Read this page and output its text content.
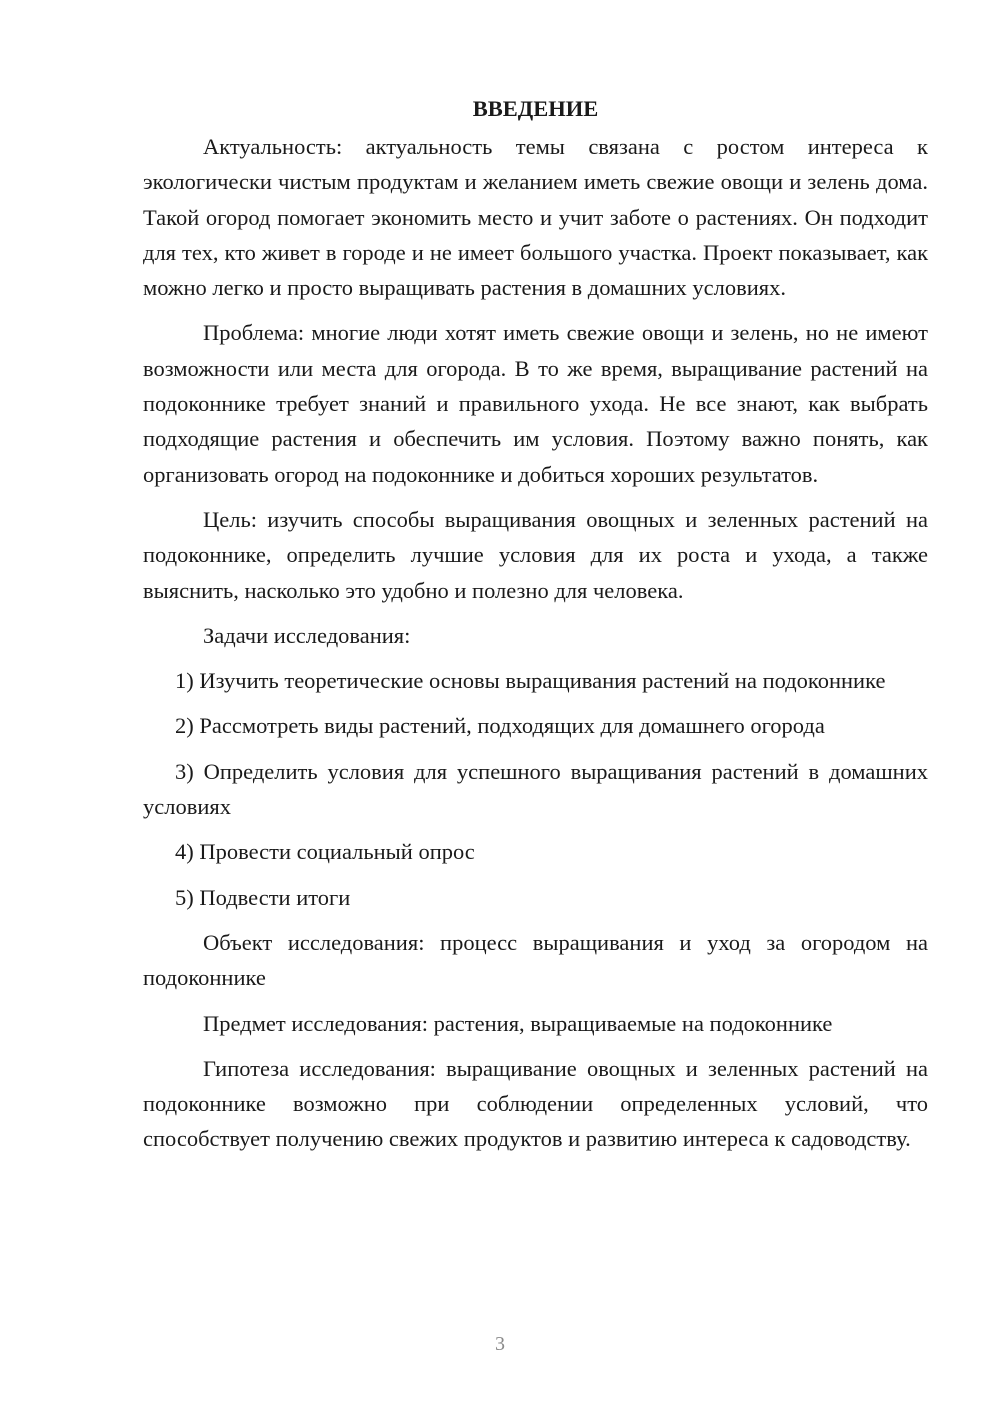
ВВЕДЕНИЕ

Актуальность: актуальность темы связана с ростом интереса к экологически чистым продуктам и желанием иметь свежие овощи и зелень дома. Такой огород помогает экономить место и учит заботе о растениях. Он подходит для тех, кто живет в городе и не имеет большого участка. Проект показывает, как можно легко и просто выращивать растения в домашних условиях.

Проблема: многие люди хотят иметь свежие овощи и зелень, но не имеют возможности или места для огорода. В то же время, выращивание растений на подоконнике требует знаний и правильного ухода. Не все знают, как выбрать подходящие растения и обеспечить им условия. Поэтому важно понять, как организовать огород на подоконнике и добиться хороших результатов.

Цель: изучить способы выращивания овощных и зеленных растений на подоконнике, определить лучшие условия для их роста и ухода, а также выяснить, насколько это удобно и полезно для человека.

Задачи исследования:

1) Изучить теоретические основы выращивания растений на подоконнике

2) Рассмотреть виды растений, подходящих для домашнего огорода

3) Определить условия для успешного выращивания растений в домашних условиях

4) Провести социальный опрос

5) Подвести итоги

Объект исследования: процесс выращивания и уход за огородом на подоконнике

Предмет исследования: растения, выращиваемые на подоконнике

Гипотеза исследования: выращивание овощных и зеленных растений на подоконнике возможно при соблюдении определенных условий, что способствует получению свежих продуктов и развитию интереса к садоводству.

3
